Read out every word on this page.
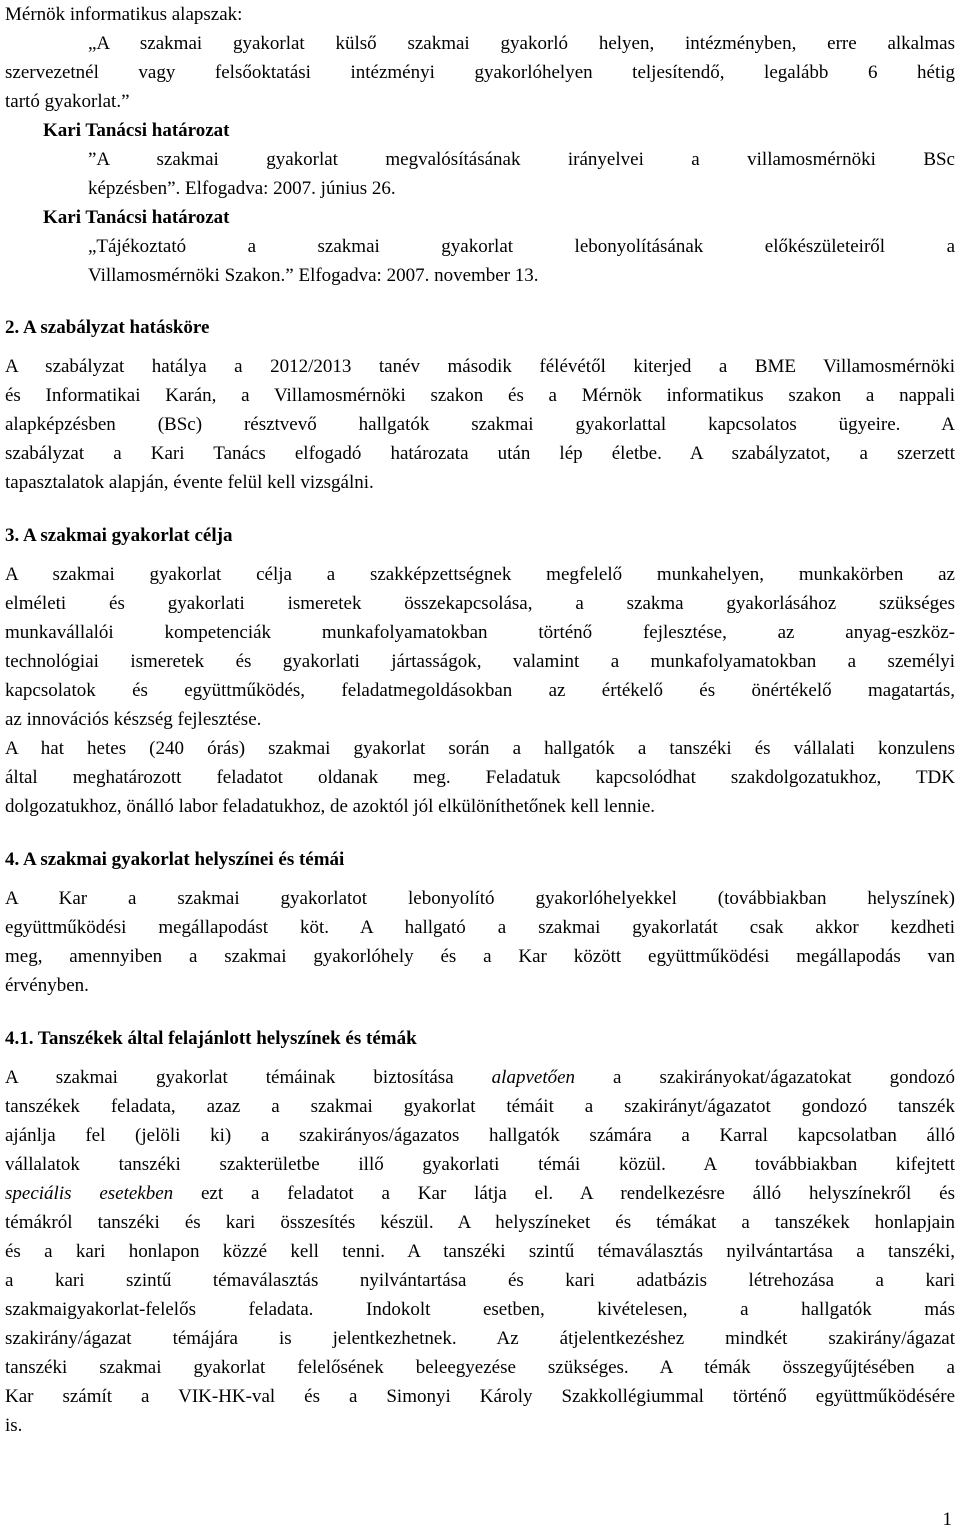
Mérnök informatikus alapszak:
„A szakmai gyakorlat külső szakmai gyakorló helyen, intézményben, erre alkalmas
szervezetnél vagy felsőoktatási intézményi gyakorlóhelyen teljesítendő, legalább 6 hétig
tartó gyakorlat.”
Kari Tanácsi határozat
”A szakmai gyakorlat megvalósításának irányelvei a villamosmérnöki BSc
képzésben”. Elfogadva: 2007. június 26.
Kari Tanácsi határozat
„Tájékoztató a szakmai gyakorlat lebonyolításának előkészületeiről a
Villamosmérnöki Szakon.” Elfogadva: 2007. november 13.
2. A szabályzat hatásköre
A szabályzat hatálya a 2012/2013 tanév második félévétől kiterjed a BME Villamosmérnöki
és Informatikai Karán, a Villamosmérnöki szakon és a Mérnök informatikus szakon a nappali
alapképzésben (BSc) résztvevő hallgatók szakmai gyakorlattal kapcsolatos ügyeire. A
szabályzat a Kari Tanács elfogadó határozata után lép életbe. A szabályzatot, a szerzett
tapasztalatok alapján, évente felül kell vizsgálni.
3. A szakmai gyakorlat célja
A szakmai gyakorlat célja a szakképzettségnek megfelelő munkahelyen, munkakörben az
elméleti és gyakorlati ismeretek összekapcsolása, a szakma gyakorlásához szükséges
munkavállalói kompetenciák munkafolyamatokban történő fejlesztése, az anyag-eszköz-
technológiai ismeretek és gyakorlati jártasságok, valamint a munkafolyamatokban a személyi
kapcsolatok és együttműködés, feladatmegoldásokban az értékelő és önértékelő magatartás,
az innovációs készség fejlesztése.
A hat hetes (240 órás) szakmai gyakorlat során a hallgatók a tanszéki és vállalati konzulens
által meghatározott feladatot oldanak meg. Feladatuk kapcsolódhat szakdolgozatukhoz, TDK
dolgozatukhoz, önálló labor feladatukhoz, de azoktól jól elkülöníthetőnek kell lennie.
4. A szakmai gyakorlat helyszínei és témái
A Kar a szakmai gyakorlatot lebonyolító gyakorlóhelyekkel (továbbiakban helyszínek)
együttműködési megállapodást köt. A hallgató a szakmai gyakorlatát csak akkor kezdheti
meg, amennyiben a szakmai gyakorlóhely és a Kar között együttműködési megállapodás van
érvényben.
4.1. Tanszékek által felajánlott helyszínek és témák
A szakmai gyakorlat témáinak biztosítása alapvetően a szakirányokat/ágazatokat gondozó
tanszékek feladata, azaz a szakmai gyakorlat témáit a szakirányt/ágazatot gondozó tanszék
ajánlja fel (jelöli ki) a szakirányos/ágazatos hallgatók számára a Karral kapcsolatban álló
vállalatok tanszéki szakterületbe illő gyakorlati témái közül. A továbbiakban kifejtett
speciális esetekben ezt a feladatot a Kar látja el. A rendelkezésre álló helyszínekről és
témákról tanszéki és kari összesítés készül. A helyszíneket és témákat a tanszékek honlapjain
és a kari honlapon közzé kell tenni. A tanszéki szintű témaválasztás nyilvántartása a tanszéki,
a kari szintű témaválasztás nyilvántartása és kari adatbázis létrehozása a kari
szakmaigyakorlat-felelős feladata. Indokolt esetben, kivételesen, a hallgatók más
szakirány/ágazat témájára is jelentkezhetnek. Az átjelentkezéshez mindkét szakirány/ágazat
tanszéki szakmai gyakorlat felelősének beleegyezése szükséges. A témák összegyűjtésében a
Kar számít a VIK-HK-val és a Simonyi Károly Szakkollégiummal történő együttműködésére
is.
1
